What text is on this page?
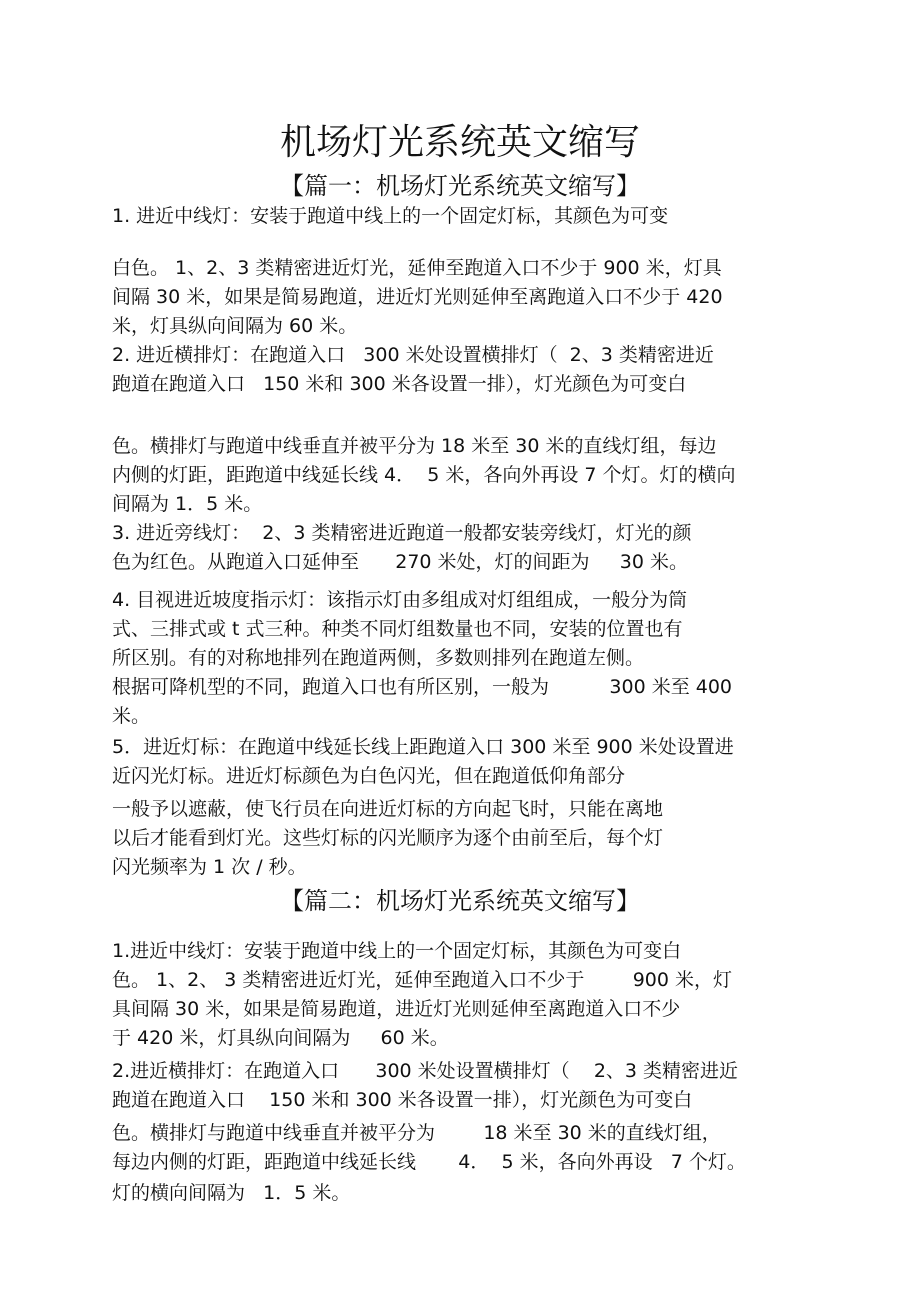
机场灯光系统英文缩写
【篇一：机场灯光系统英文缩写】
【篇二：机场灯光系统英文缩写】

1. 进近中线灯：安装于跑道中线上的一个固定灯标，其颜色为可变

白色。 1、2、3 类精密进近灯光，延伸至跑道入口不少于 900 米，灯具

间隔 30 米，如果是简易跑道，进近灯光则延伸至离跑道入口不少于 420

米，灯具纵向间隔为 60 米。

2. 进近横排灯：在跑道入口   300 米处设置横排灯（  2、3 类精密进近

跑道在跑道入口   150 米和 300 米各设置一排），灯光颜色为可变白

色。横排灯与跑道中线垂直并被平分为 18 米至 30 米的直线灯组，每边

内侧的灯距，距跑道中线延长线 4．  5 米，各向外再设 7 个灯。灯的横向

间隔为 1．5 米。

3. 进近旁线灯：  2、3 类精密进近跑道一般都安装旁线灯，灯光的颜

色为红色。从跑道入口延伸至      270 米处，灯的间距为     30 米。

4. 目视进近坡度指示灯：该指示灯由多组成对灯组组成，一般分为筒

式、三排式或 t 式三种。种类不同灯组数量也不同，安装的位置也有

所区别。有的对称地排列在跑道两侧，多数则排列在跑道左侧。

根据可降机型的不同，跑道入口也有所区别，一般为          300 米至 400

米。

5．进近灯标：在跑道中线延长线上距跑道入口 300 米至 900 米处设置进

近闪光灯标。进近灯标颜色为白色闪光，但在跑道低仰角部分

一般予以遮蔽，使飞行员在向进近灯标的方向起飞时，只能在离地

以后才能看到灯光。这些灯标的闪光顺序为逐个由前至后，每个灯

闪光频率为 1 次 / 秒。

1.进近中线灯：安装于跑道中线上的一个固定灯标，其颜色为可变白

色。 1、2、 3 类精密进近灯光，延伸至跑道入口不少于        900 米，灯

具间隔 30 米，如果是简易跑道，进近灯光则延伸至离跑道入口不少

于 420 米，灯具纵向间隔为     60 米。

2.进近横排灯：在跑道入口      300 米处设置横排灯（    2、3 类精密进近

跑道在跑道入口    150 米和 300 米各设置一排），灯光颜色为可变白

色。横排灯与跑道中线垂直并被平分为        18 米至 30 米的直线灯组，

每边内侧的灯距，距跑道中线延长线       4．  5 米，各向外再设   7 个灯。

灯的横向间隔为   1．5 米。
